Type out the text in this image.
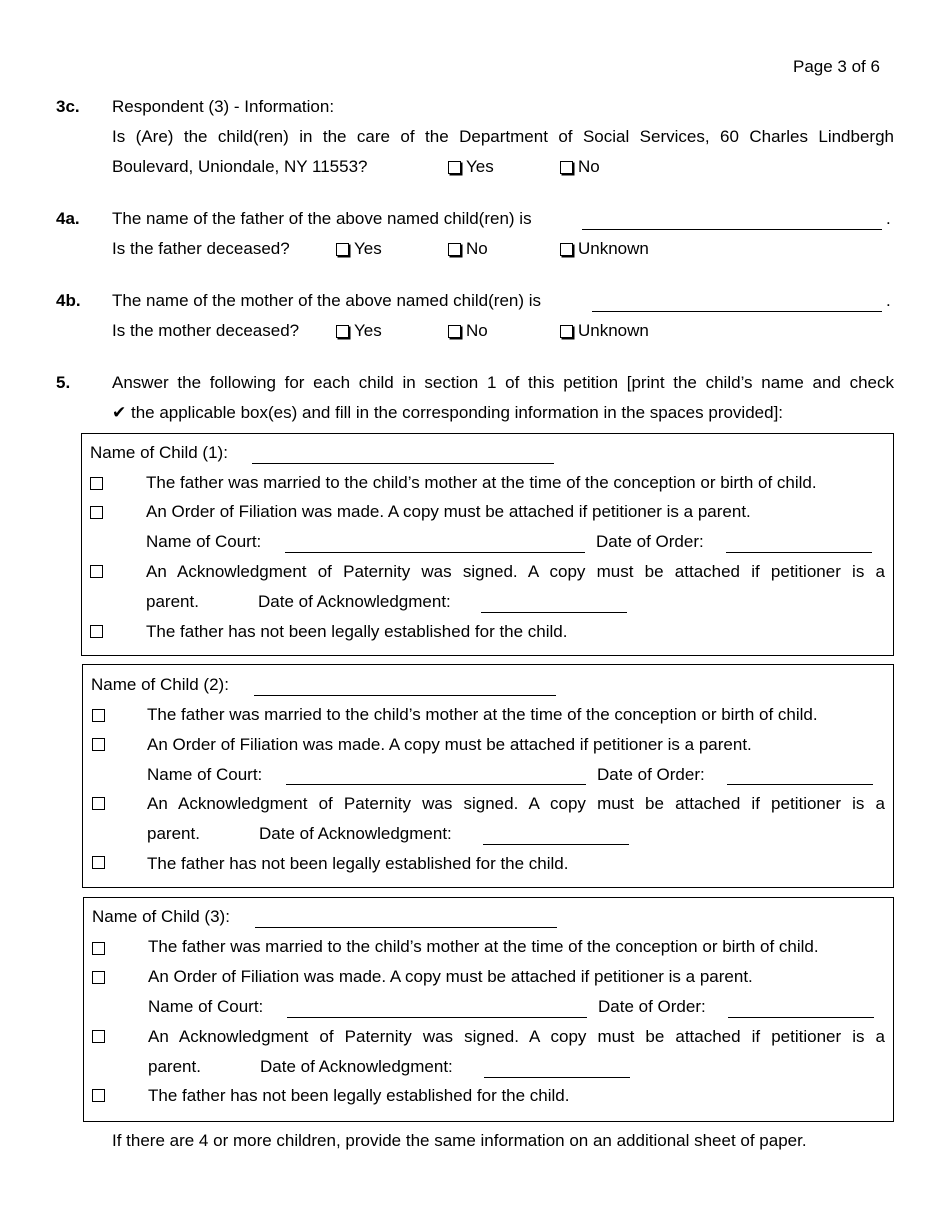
Page 3 of 6
3c. Respondent (3) - Information:
Is (Are) the child(ren) in the care of the Department of Social Services, 60 Charles Lindbergh
Boulevard, Uniondale, NY 11553?	Yes	No
4a. The name of the father of the above named child(ren) is	.
Is the father deceased?	Yes	No	Unknown
4b. The name of the mother of the above named child(ren) is	.
Is the mother deceased?	Yes	No	Unknown
5. Answer the following for each child in section 1 of this petition [print the child’s name and check
✔ the applicable box(es) and fill in the corresponding information in the spaces provided]:
Name of Child (1):
The father was married to the child’s mother at the time of the conception or birth of child.
An Order of Filiation was made. A copy must be attached if petitioner is a parent.
Name of Court:	Date of Order:
An Acknowledgment of Paternity was signed. A copy must be attached if petitioner is a
parent.	Date of Acknowledgment:
The father has not been legally established for the child.
Name of Child (2):
The father was married to the child’s mother at the time of the conception or birth of child.
An Order of Filiation was made. A copy must be attached if petitioner is a parent.
Name of Court:	Date of Order:
An Acknowledgment of Paternity was signed. A copy must be attached if petitioner is a
parent.	Date of Acknowledgment:
The father has not been legally established for the child.
Name of Child (3):
The father was married to the child’s mother at the time of the conception or birth of child.
An Order of Filiation was made. A copy must be attached if petitioner is a parent.
Name of Court:	Date of Order:
An Acknowledgment of Paternity was signed. A copy must be attached if petitioner is a
parent.	Date of Acknowledgment:
The father has not been legally established for the child.
If there are 4 or more children, provide the same information on an additional sheet of paper.
